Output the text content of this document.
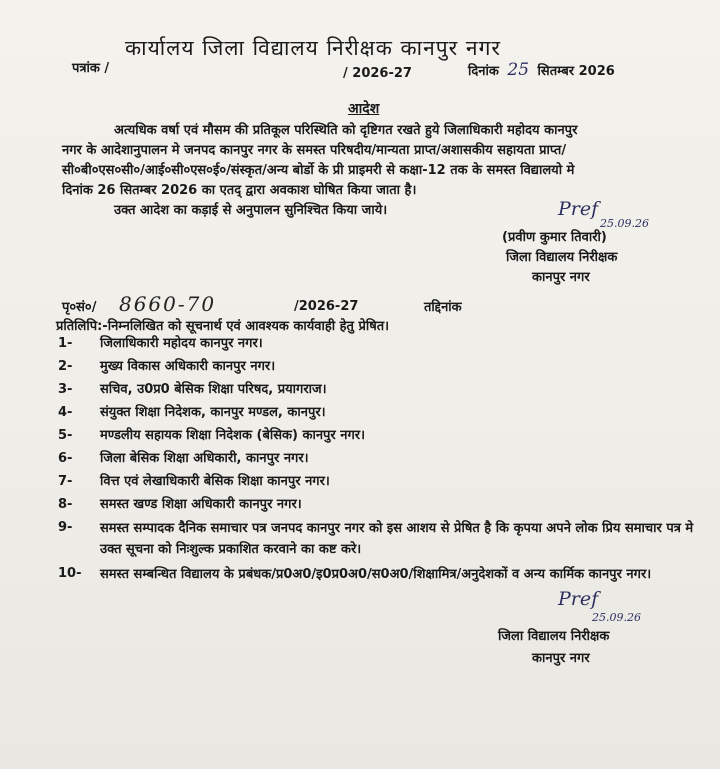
कार्यालय जिला विद्यालय निरीक्षक कानपुर नगर
पत्रांक /	/ 2026-27	दिनांक 25 सितम्बर 2026
आदेश
अत्यधिक वर्षा एवं मौसम की प्रतिकूल परिस्थिति को दृष्टिगत रखते हुये जिलाधिकारी महोदय कानपुर
नगर के आदेशानुपालन मे जनपद कानपुर नगर के समस्त परिषदीय/मान्यता प्राप्त/अशासकीय सहायता प्राप्त/
सी०बी०एस०सी०/आई०सी०एस०ई०/संस्कृत/अन्य बोर्डो के प्री प्राइमरी से कक्षा-12 तक के समस्त विद्यालयो मे
दिनांक 26 सितम्बर 2026 का एतद् द्वारा अवकाश घोषित किया जाता है।
उक्त आदेश का कड़ाई से अनुपालन सुनिश्चित किया जाये।	Pref
25.09.26
(प्रवीण कुमार तिवारी)
जिला विद्यालय निरीक्षक
कानपुर नगर
पृ०सं०/ 8660-70	/2026-27	तद्दिनांक
प्रतिलिपि:-निम्नलिखित को सूचनार्थ एवं आवश्यक कार्यवाही हेतु प्रेषित।
1- जिलाधिकारी महोदय कानपुर नगर।
2- मुख्य विकास अधिकारी कानपुर नगर।
3- सचिव, उ0प्र0 बेसिक शिक्षा परिषद, प्रयागराज।
4- संयुक्त शिक्षा निदेशक, कानपुर मण्डल, कानपुर।
5- मण्डलीय सहायक शिक्षा निदेशक (बेसिक) कानपुर नगर।
6- जिला बेसिक शिक्षा अधिकारी, कानपुर नगर।
7- वित्त एवं लेखाधिकारी बेसिक शिक्षा कानपुर नगर।
8- समस्त खण्ड शिक्षा अधिकारी कानपुर नगर।
9- समस्त सम्पादक दैनिक समाचार पत्र जनपद कानपुर नगर को इस आशय से प्रेषित है कि कृपया अपने लोक प्रिय समाचार पत्र मे उक्त सूचना को निःशुल्क प्रकाशित करवाने का कष्ट करे।
10- समस्त सम्बन्धित विद्यालय के प्रबंधक/प्र0अ0/इ0प्र0अ0/स0अ0/शिक्षामित्र/अनुदेशकों व अन्य कार्मिक कानपुर नगर।
Pref
25.09.26
जिला विद्यालय निरीक्षक
कानपुर नगर
